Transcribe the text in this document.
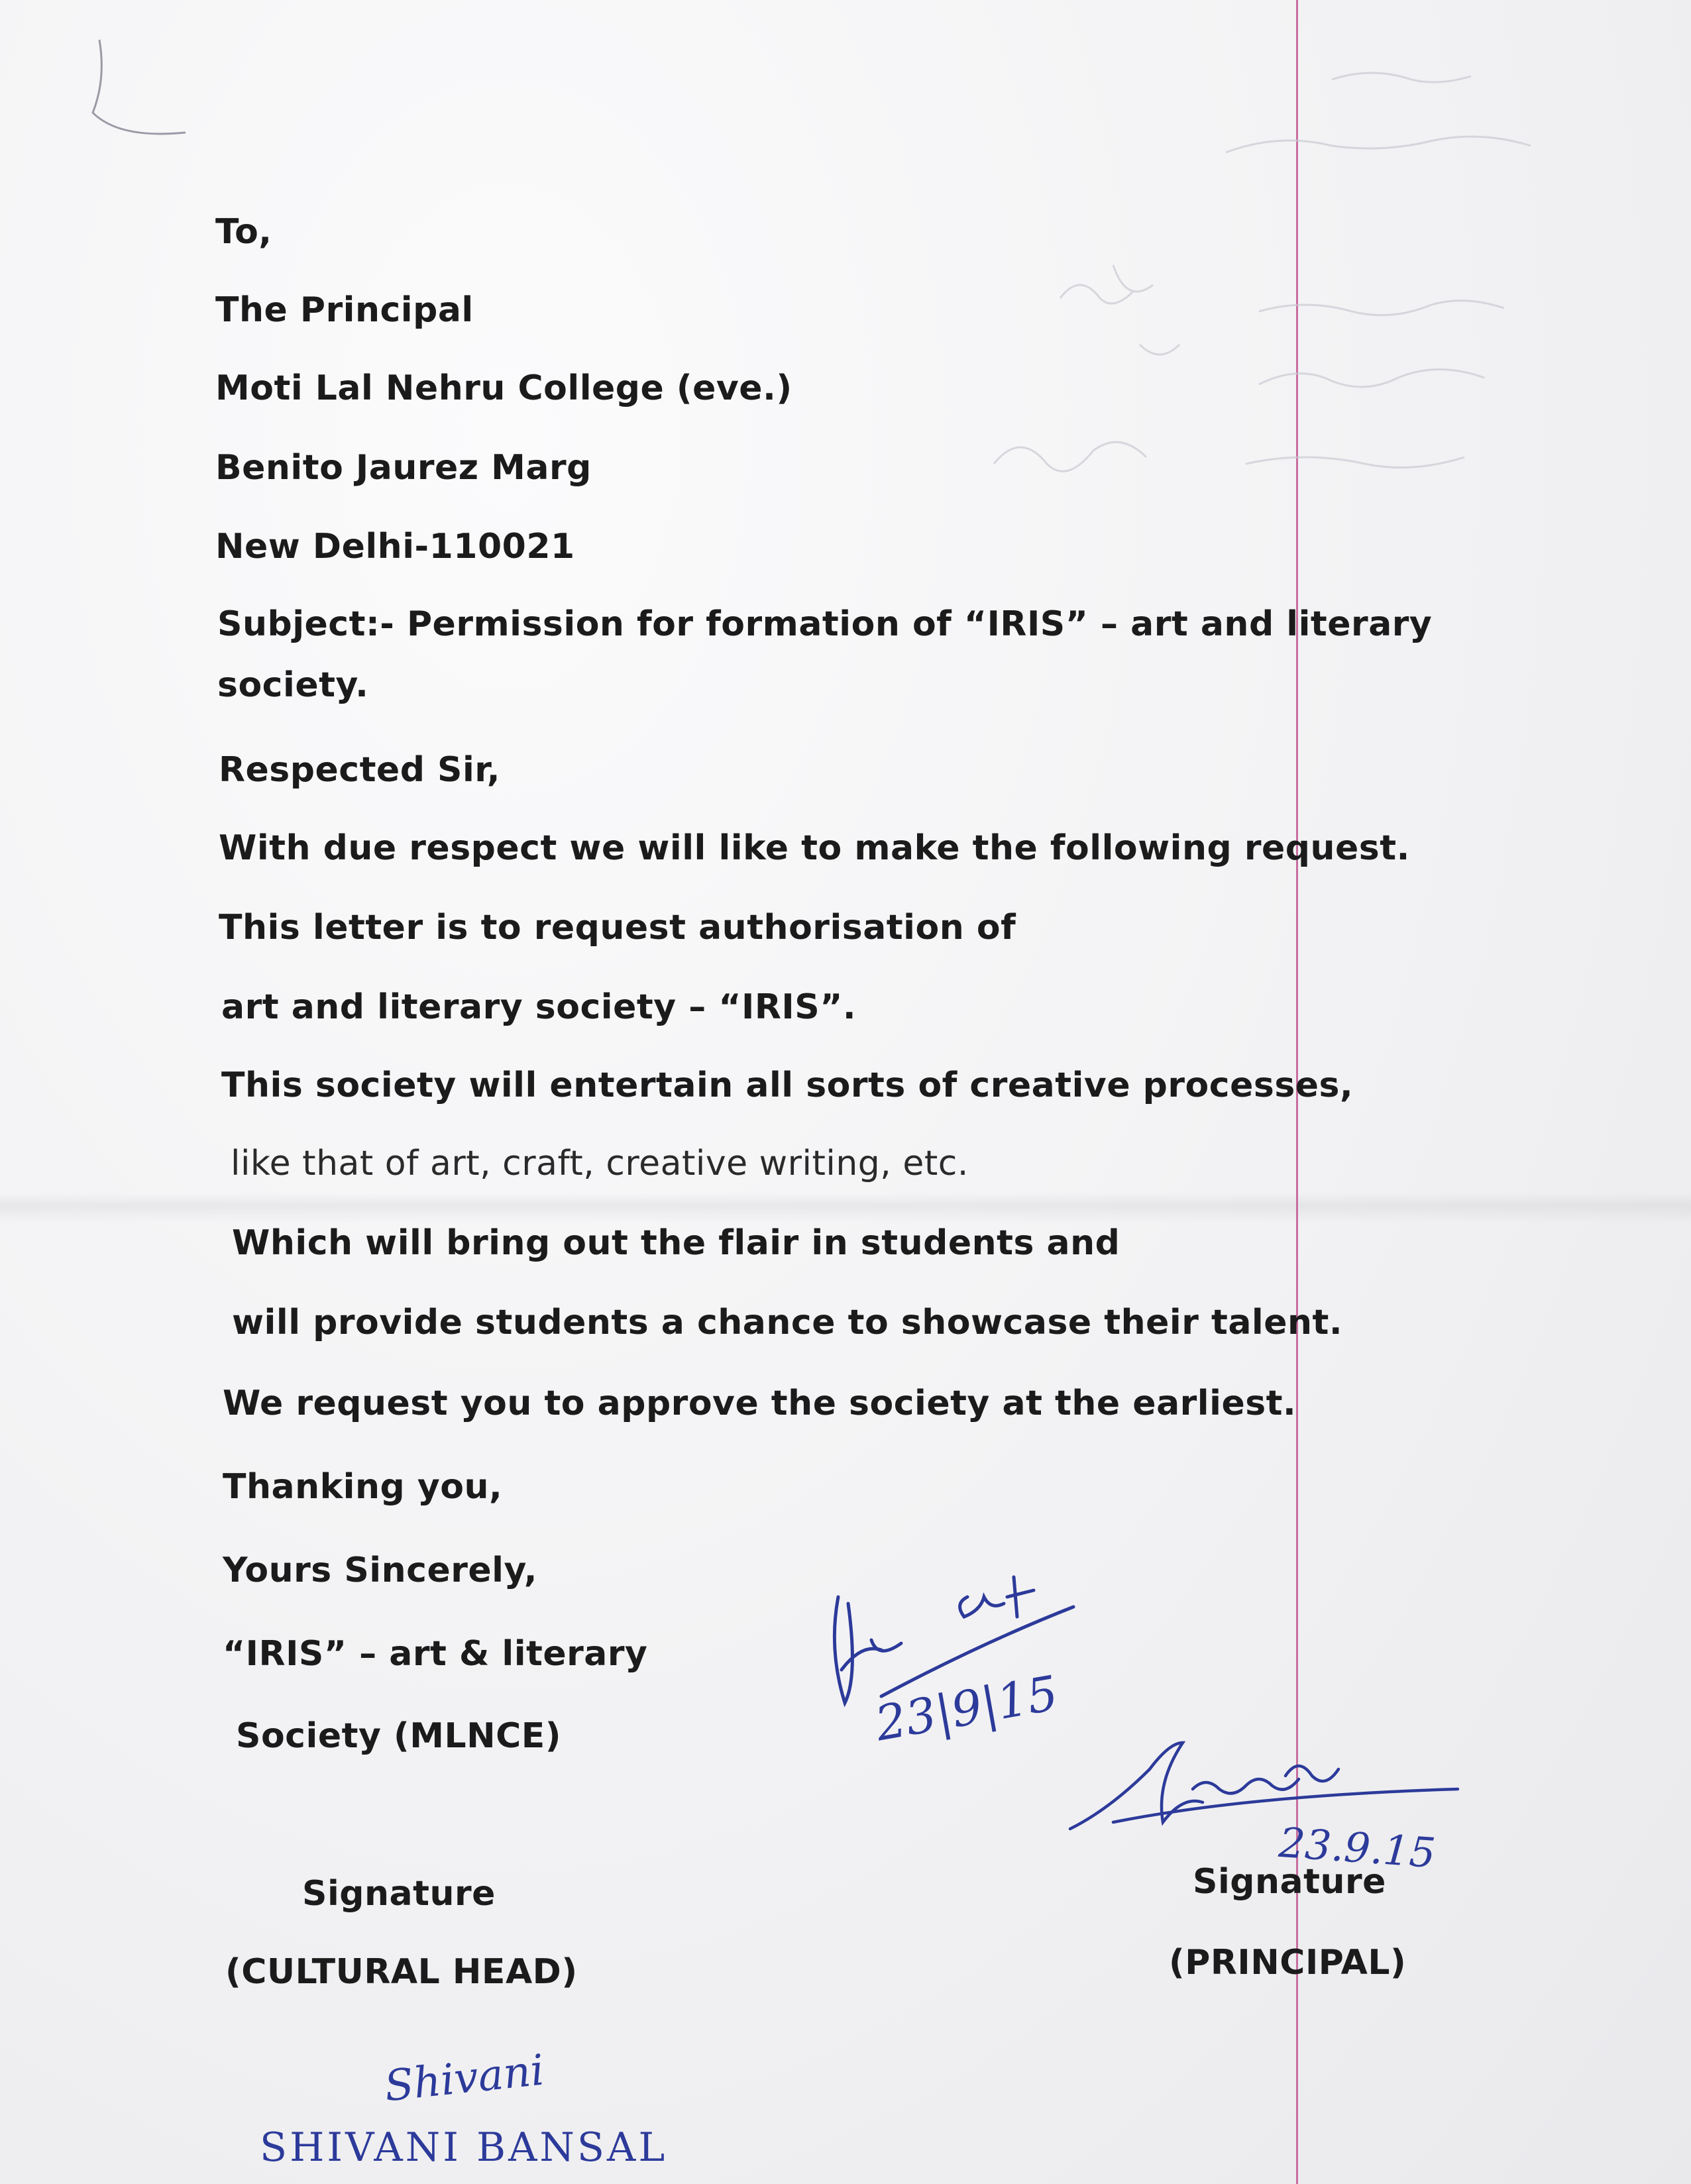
To,
The Principal
Moti Lal Nehru College (eve.)
Benito Jaurez Marg
New Delhi-110021
Subject:- Permission for formation of “IRIS” – art and literary
society.
Respected Sir,
With due respect we will like to make the following request.
This letter is to request authorisation of
art and literary society – “IRIS”.
This society will entertain all sorts of creative processes,
like that of art, craft, creative writing, etc.
Which will bring out the flair in students and
will provide students a chance to showcase their talent.
We request you to approve the society at the earliest.
Thanking you,
Yours Sincerely,
“IRIS” – art & literary
Society (MLNCE)
Signature
(CULTURAL HEAD)
Signature
(PRINCIPAL)
23|9|15
23.9.15
Shivani
SHIVANI BANSAL
